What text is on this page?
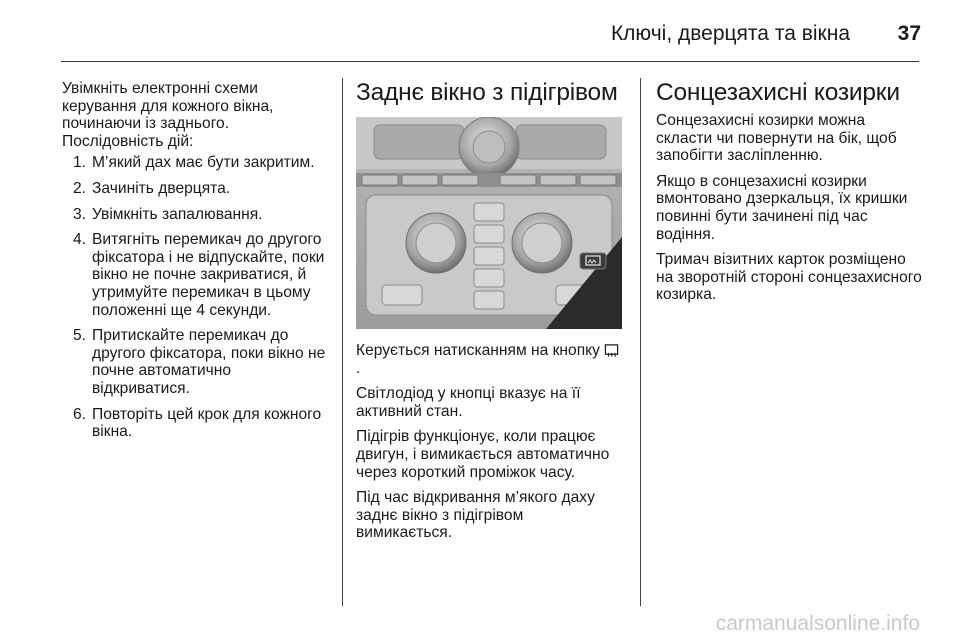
Ключі, дверцята та вікна 37

Увімкніть електронні схеми керування для кожного вікна, починаючи із заднього.

Послідовність дій:

1. М’який дах має бути закритим.
2. Зачиніть дверцята.
3. Увімкніть запалювання.
4. Витягніть перемикач до другого фіксатора і не відпускайте, поки вікно не почне закриватися, й утримуйте перемикач в цьому положенні ще 4 секунди.
5. Притискайте перемикач до другого фіксатора, поки вікно не почне автоматично відкриватися.
6. Повторіть цей крок для кожного вікна.
Заднє вікно з підігрівом

Керується натисканням на кнопку .

Світлодіод у кнопці вказує на її активний стан.

Підігрів функціонує, коли працює двигун, і вимикається автоматично через короткий проміжок часу.

Під час відкривання м’якого даху заднє вікно з підігрівом вимикається.

Сонцезахисні козирки

Сонцезахисні козирки можна скласти чи повернути на бік, щоб запобігти засліпленню.

Якщо в сонцезахисні козирки вмонтовано дзеркальця, їх кришки повинні бути зачинені під час водіння.

Тримач візитних карток розміщено на зворотній стороні сонцезахисного козирка.

carmanualsonline.info
